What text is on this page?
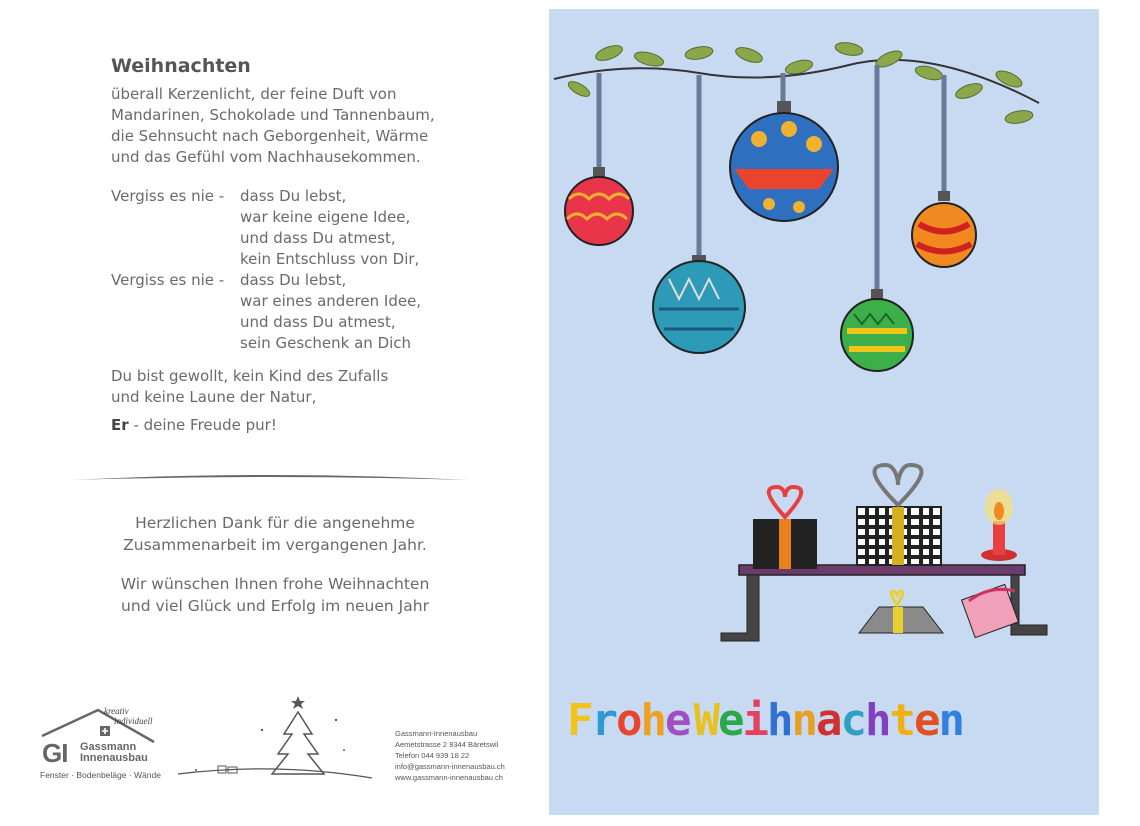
Weihnachten
überall Kerzenlicht, der feine Duft von
Mandarinen, Schokolade und Tannenbaum,
die Sehnsucht nach Geborgenheit, Wärme
und das Gefühl vom Nachhausekommen.
Vergiss es nie -	dass Du lebst,
war keine eigene Idee,
und dass Du atmest,
kein Entschluss von Dir,
Vergiss es nie -	dass Du lebst,
war eines anderen Idee,
und dass Du atmest,
sein Geschenk an Dich
Du bist gewollt, kein Kind des Zufalls
und keine Laune der Natur,
Er - deine Freude pur!
Herzlichen Dank für die angenehme
Zusammenarbeit im vergangenen Jahr.
Wir wünschen Ihnen frohe Weihnachten
und viel Glück und Erfolg im neuen Jahr
kreativ
individuell
GI Gassmann
Innenausbau
Fenster · Bodenbeläge · Wände
Gassmann-Innenausbau
Aemetstrasse 2 8344 Bäretswil
Telefon 044 939 18 22
info@gassmann-innenausbau.ch
www.gassmann-innenausbau.ch
FroheWeihnachten
